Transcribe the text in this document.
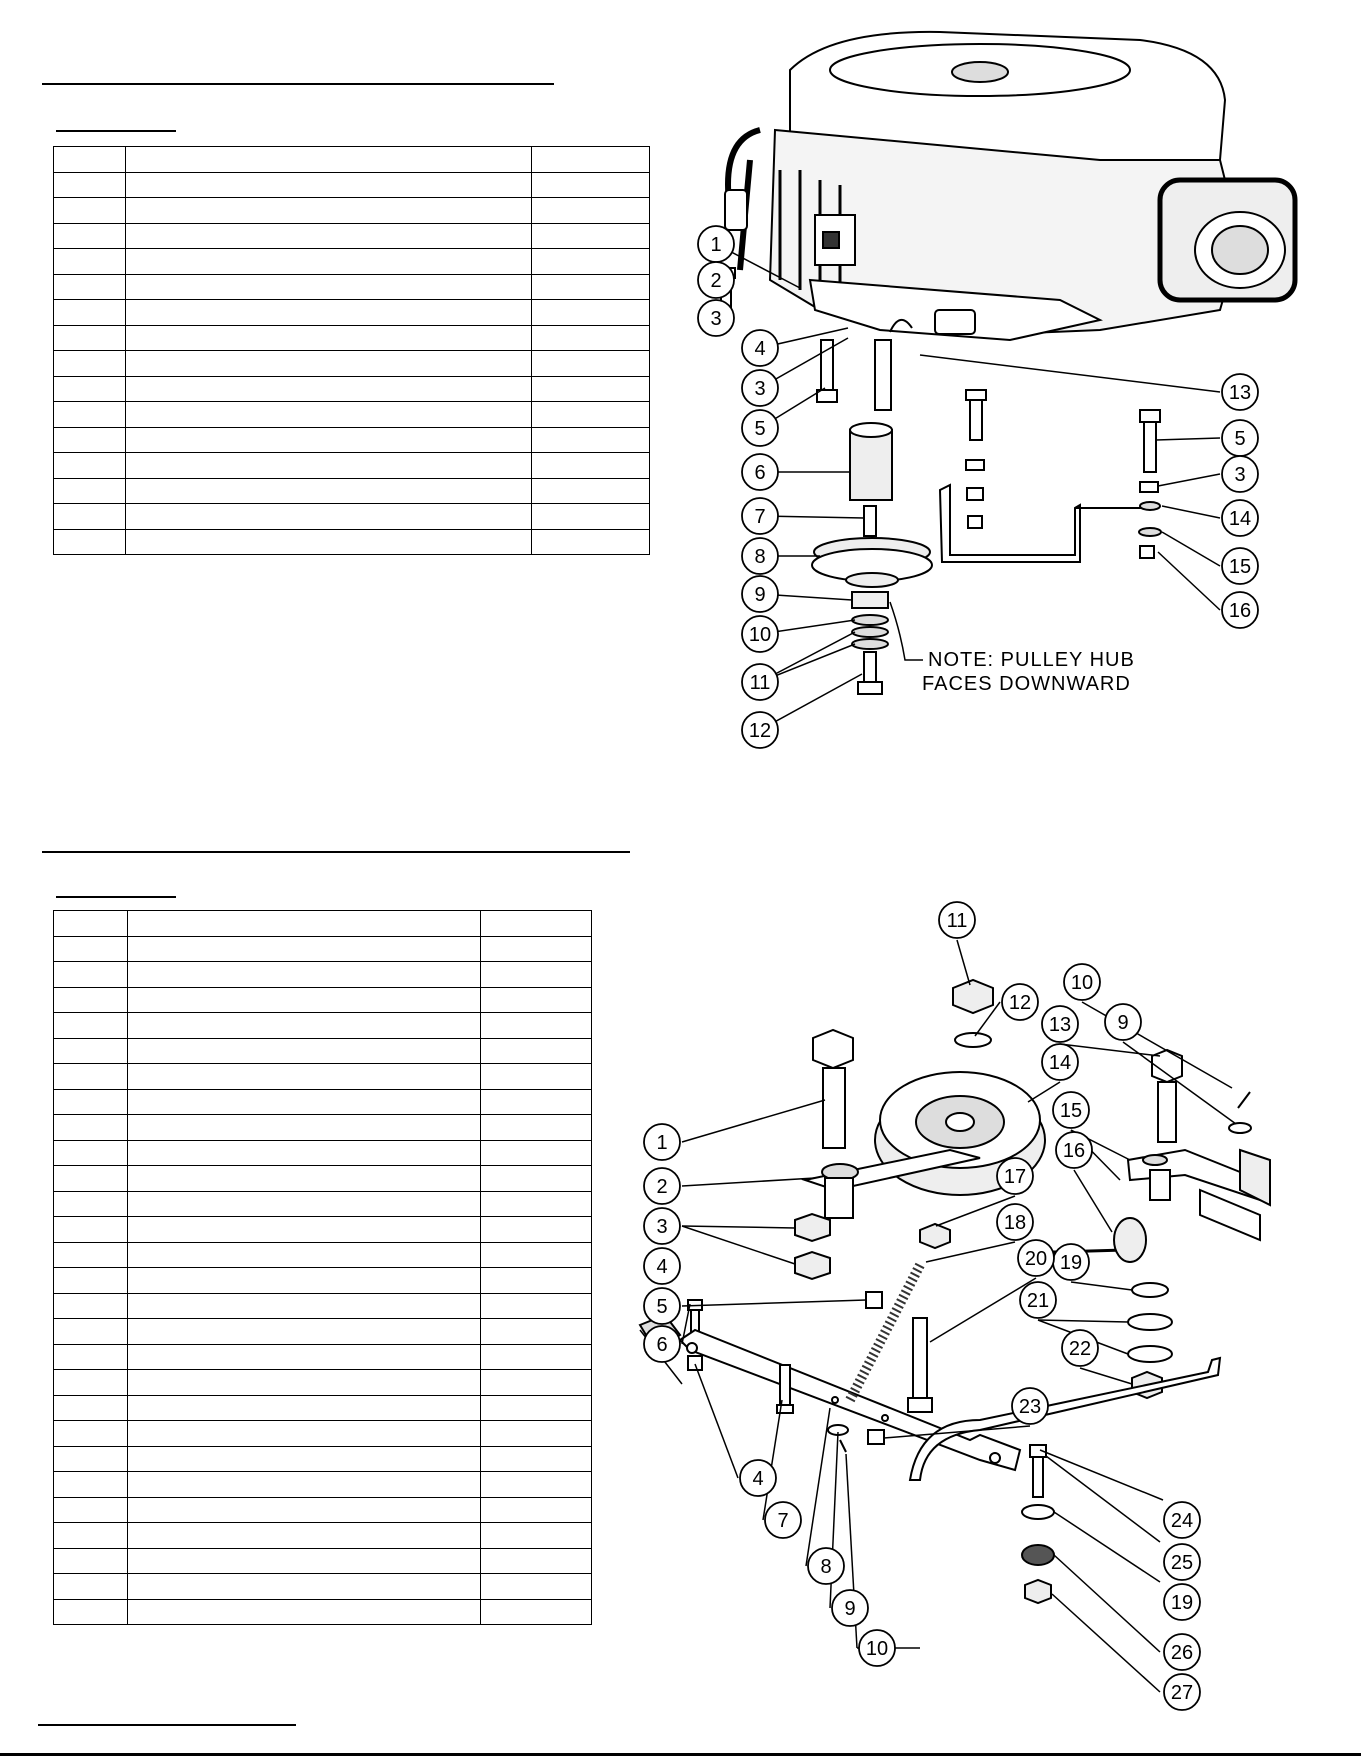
1
2
3
4
3
5
6
7
8
9
10
11
12
13
5
3
14
15
16
NOTE: PULLEY HUB
FACES DOWNWARD
11
12
10
9
13
14
15
16
1
17
18
2
3
19
20
21
4
22
5
23
6
24
4
25
7
19
8
9
26
10
27
